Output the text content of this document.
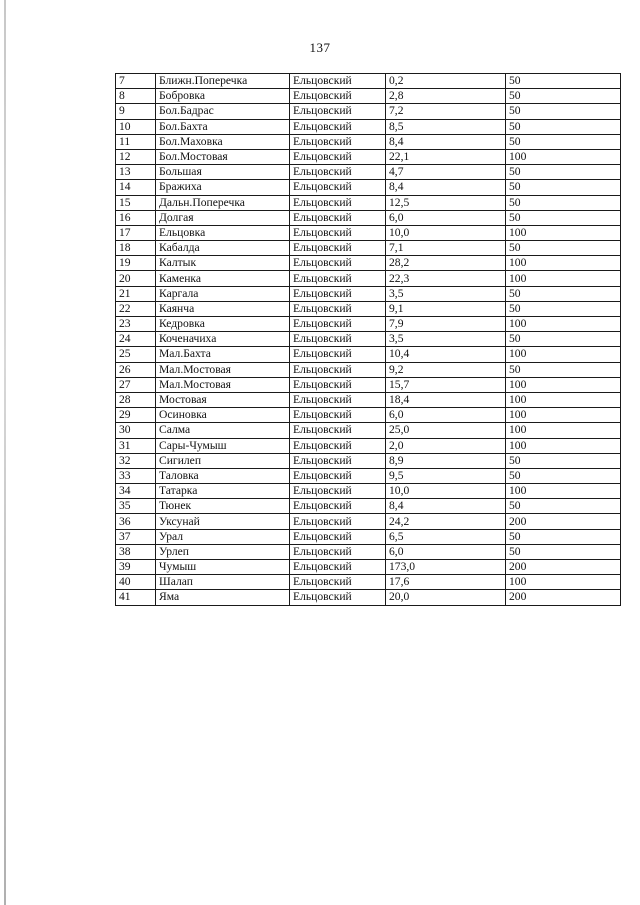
137
7	Ближн.Поперечка	Ельцовский	0,2	50
8	Бобровка	Ельцовский	2,8	50
9	Бол.Бадрас	Ельцовский	7,2	50
10	Бол.Бахта	Ельцовский	8,5	50
11	Бол.Маховка	Ельцовский	8,4	50
12	Бол.Мостовая	Ельцовский	22,1	100
13	Большая	Ельцовский	4,7	50
14	Бражиха	Ельцовский	8,4	50
15	Дальн.Поперечка	Ельцовский	12,5	50
16	Долгая	Ельцовский	6,0	50
17	Ельцовка	Ельцовский	10,0	100
18	Кабалда	Ельцовский	7,1	50
19	Калтык	Ельцовский	28,2	100
20	Каменка	Ельцовский	22,3	100
21	Каргала	Ельцовский	3,5	50
22	Каянча	Ельцовский	9,1	50
23	Кедровка	Ельцовский	7,9	100
24	Коченачиха	Ельцовский	3,5	50
25	Мал.Бахта	Ельцовский	10,4	100
26	Мал.Мостовая	Ельцовский	9,2	50
27	Мал.Мостовая	Ельцовский	15,7	100
28	Мостовая	Ельцовский	18,4	100
29	Осиновка	Ельцовский	6,0	100
30	Салма	Ельцовский	25,0	100
31	Сары-Чумыш	Ельцовский	2,0	100
32	Сигилеп	Ельцовский	8,9	50
33	Таловка	Ельцовский	9,5	50
34	Татарка	Ельцовский	10,0	100
35	Тюнек	Ельцовский	8,4	50
36	Уксунай	Ельцовский	24,2	200
37	Урал	Ельцовский	6,5	50
38	Урлеп	Ельцовский	6,0	50
39	Чумыш	Ельцовский	173,0	200
40	Шалап	Ельцовский	17,6	100
41	Яма	Ельцовский	20,0	200
